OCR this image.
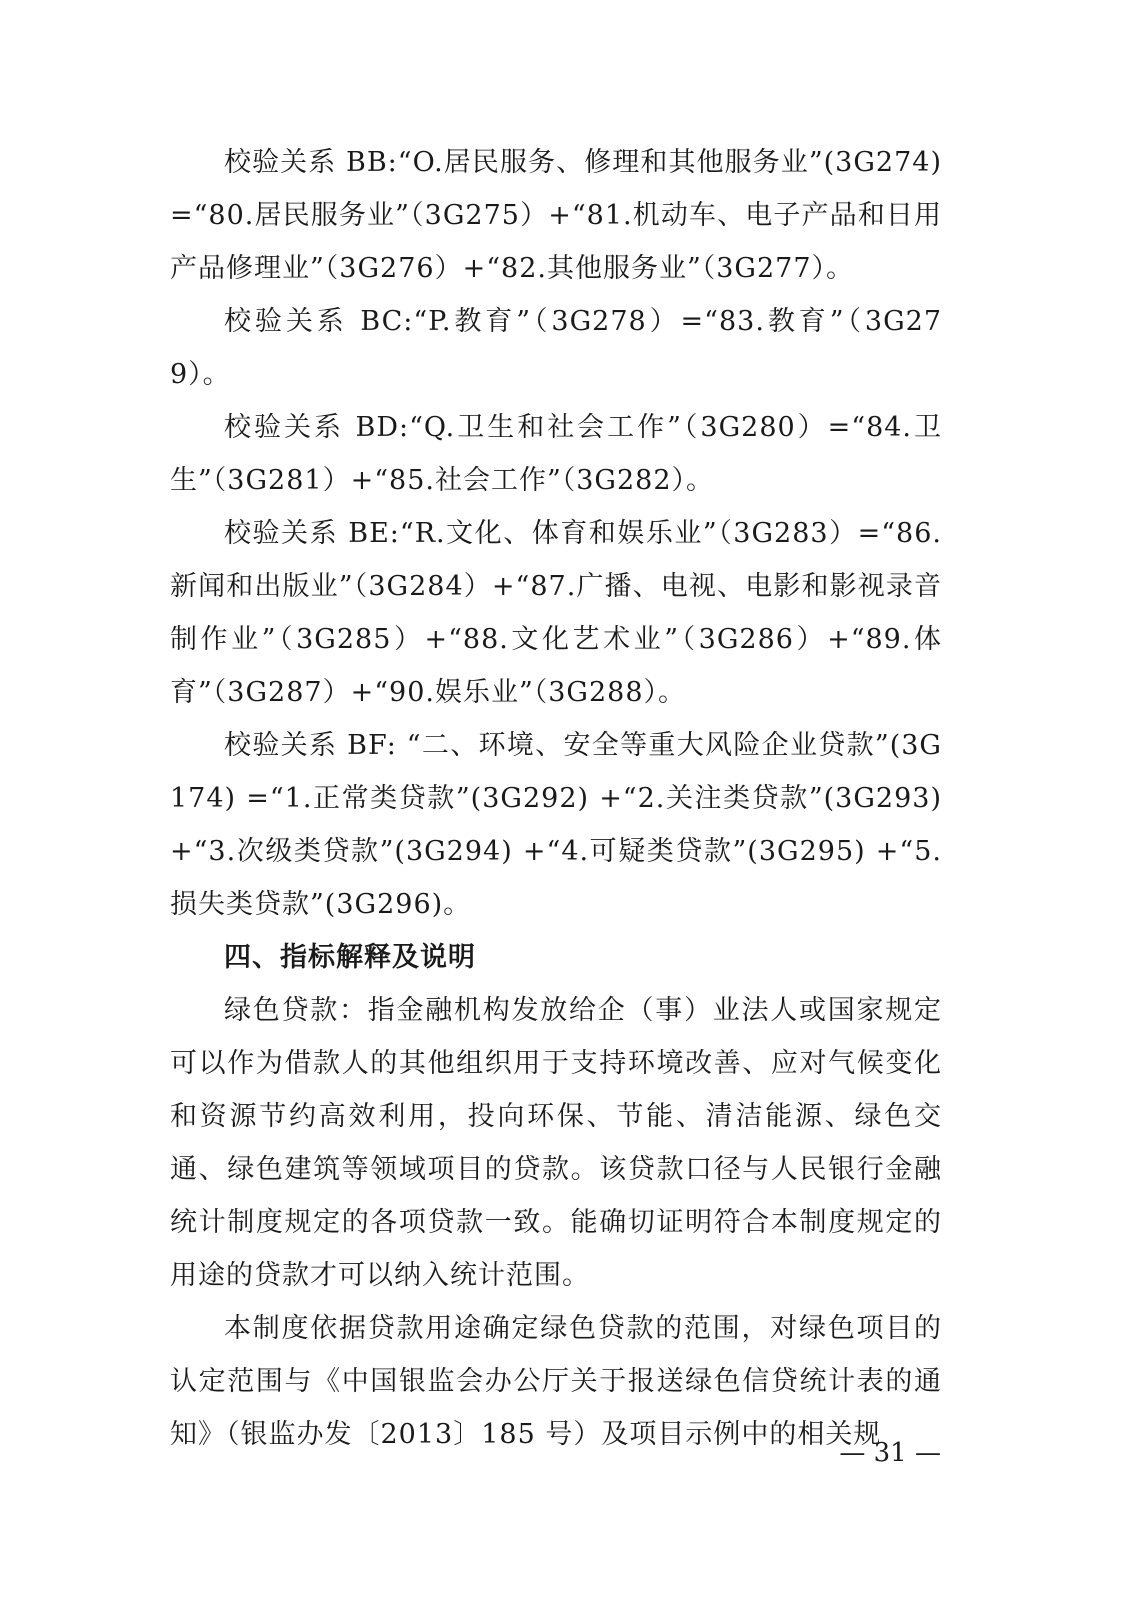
校验关系 BB:“O.居民服务、修理和其他服务业”(3G274)=“80.居民服务业”（3G275）+“81.机动车、电子产品和日用产品修理业”（3G276）+“82.其他服务业”（3G277）。

校验关系 BC:“P.教育”（3G278）=“83.教育”（3G279）。

校验关系 BD:“Q.卫生和社会工作”（3G280）=“84.卫生”（3G281）+“85.社会工作”（3G282）。

校验关系 BE:“R.文化、体育和娱乐业”（3G283）=“86.新闻和出版业”（3G284）+“87.广播、电视、电影和影视录音制作业”（3G285）+“88.文化艺术业”（3G286）+“89.体育”（3G287）+“90.娱乐业”（3G288）。

校验关系 BF: “二、环境、安全等重大风险企业贷款”(3G174) =“1.正常类贷款”(3G292) +“2.关注类贷款”(3G293)+“3.次级类贷款”(3G294) +“4.可疑类贷款”(3G295) +“5.损失类贷款”(3G296)。

四、指标解释及说明

绿色贷款：指金融机构发放给企（事）业法人或国家规定可以作为借款人的其他组织用于支持环境改善、应对气候变化和资源节约高效利用，投向环保、节能、清洁能源、绿色交通、绿色建筑等领域项目的贷款。该贷款口径与人民银行金融统计制度规定的各项贷款一致。能确切证明符合本制度规定的用途的贷款才可以纳入统计范围。

本制度依据贷款用途确定绿色贷款的范围，对绿色项目的认定范围与《中国银监会办公厅关于报送绿色信贷统计表的通知》（银监办发〔2013〕185 号）及项目示例中的相关规

— 31 —
